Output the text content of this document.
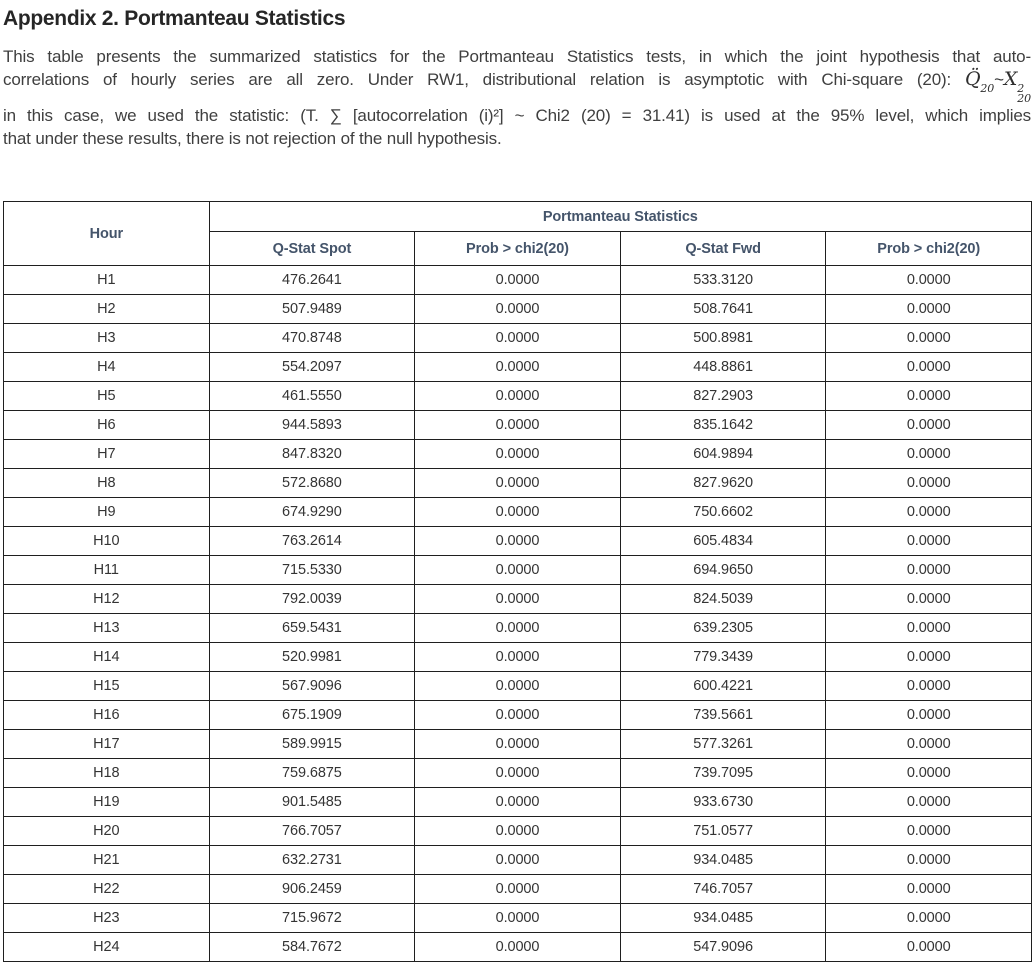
Appendix 2. Portmanteau Statistics
This table presents the summarized statistics for the Portmanteau Statistics tests, in which the joint hypothesis that auto-
correlations of hourly series are all zero. Under RW1, distributional relation is asymptotic with Chi-square (20): $Q̈_{20}\sim X$ 2
20
in this case, we used the statistic: (T. ∑ [autocorrelation (i)²] ~ Chi2 (20) = 31.41) is used at the 95% level, which implies
that under these results, there is not rejection of the null hypothesis.
Hour	Portmanteau Statistics			
	Q-Stat Spot	Prob > chi2(20)	Q-Stat Fwd	Prob > chi2(20)
H1	476.2641	0.0000	533.3120	0.0000
H2	507.9489	0.0000	508.7641	0.0000
H3	470.8748	0.0000	500.8981	0.0000
H4	554.2097	0.0000	448.8861	0.0000
H5	461.5550	0.0000	827.2903	0.0000
H6	944.5893	0.0000	835.1642	0.0000
H7	847.8320	0.0000	604.9894	0.0000
H8	572.8680	0.0000	827.9620	0.0000
H9	674.9290	0.0000	750.6602	0.0000
H10	763.2614	0.0000	605.4834	0.0000
H11	715.5330	0.0000	694.9650	0.0000
H12	792.0039	0.0000	824.5039	0.0000
H13	659.5431	0.0000	639.2305	0.0000
H14	520.9981	0.0000	779.3439	0.0000
H15	567.9096	0.0000	600.4221	0.0000
H16	675.1909	0.0000	739.5661	0.0000
H17	589.9915	0.0000	577.3261	0.0000
H18	759.6875	0.0000	739.7095	0.0000
H19	901.5485	0.0000	933.6730	0.0000
H20	766.7057	0.0000	751.0577	0.0000
H21	632.2731	0.0000	934.0485	0.0000
H22	906.2459	0.0000	746.7057	0.0000
H23	715.9672	0.0000	934.0485	0.0000
H24	584.7672	0.0000	547.9096	0.0000
